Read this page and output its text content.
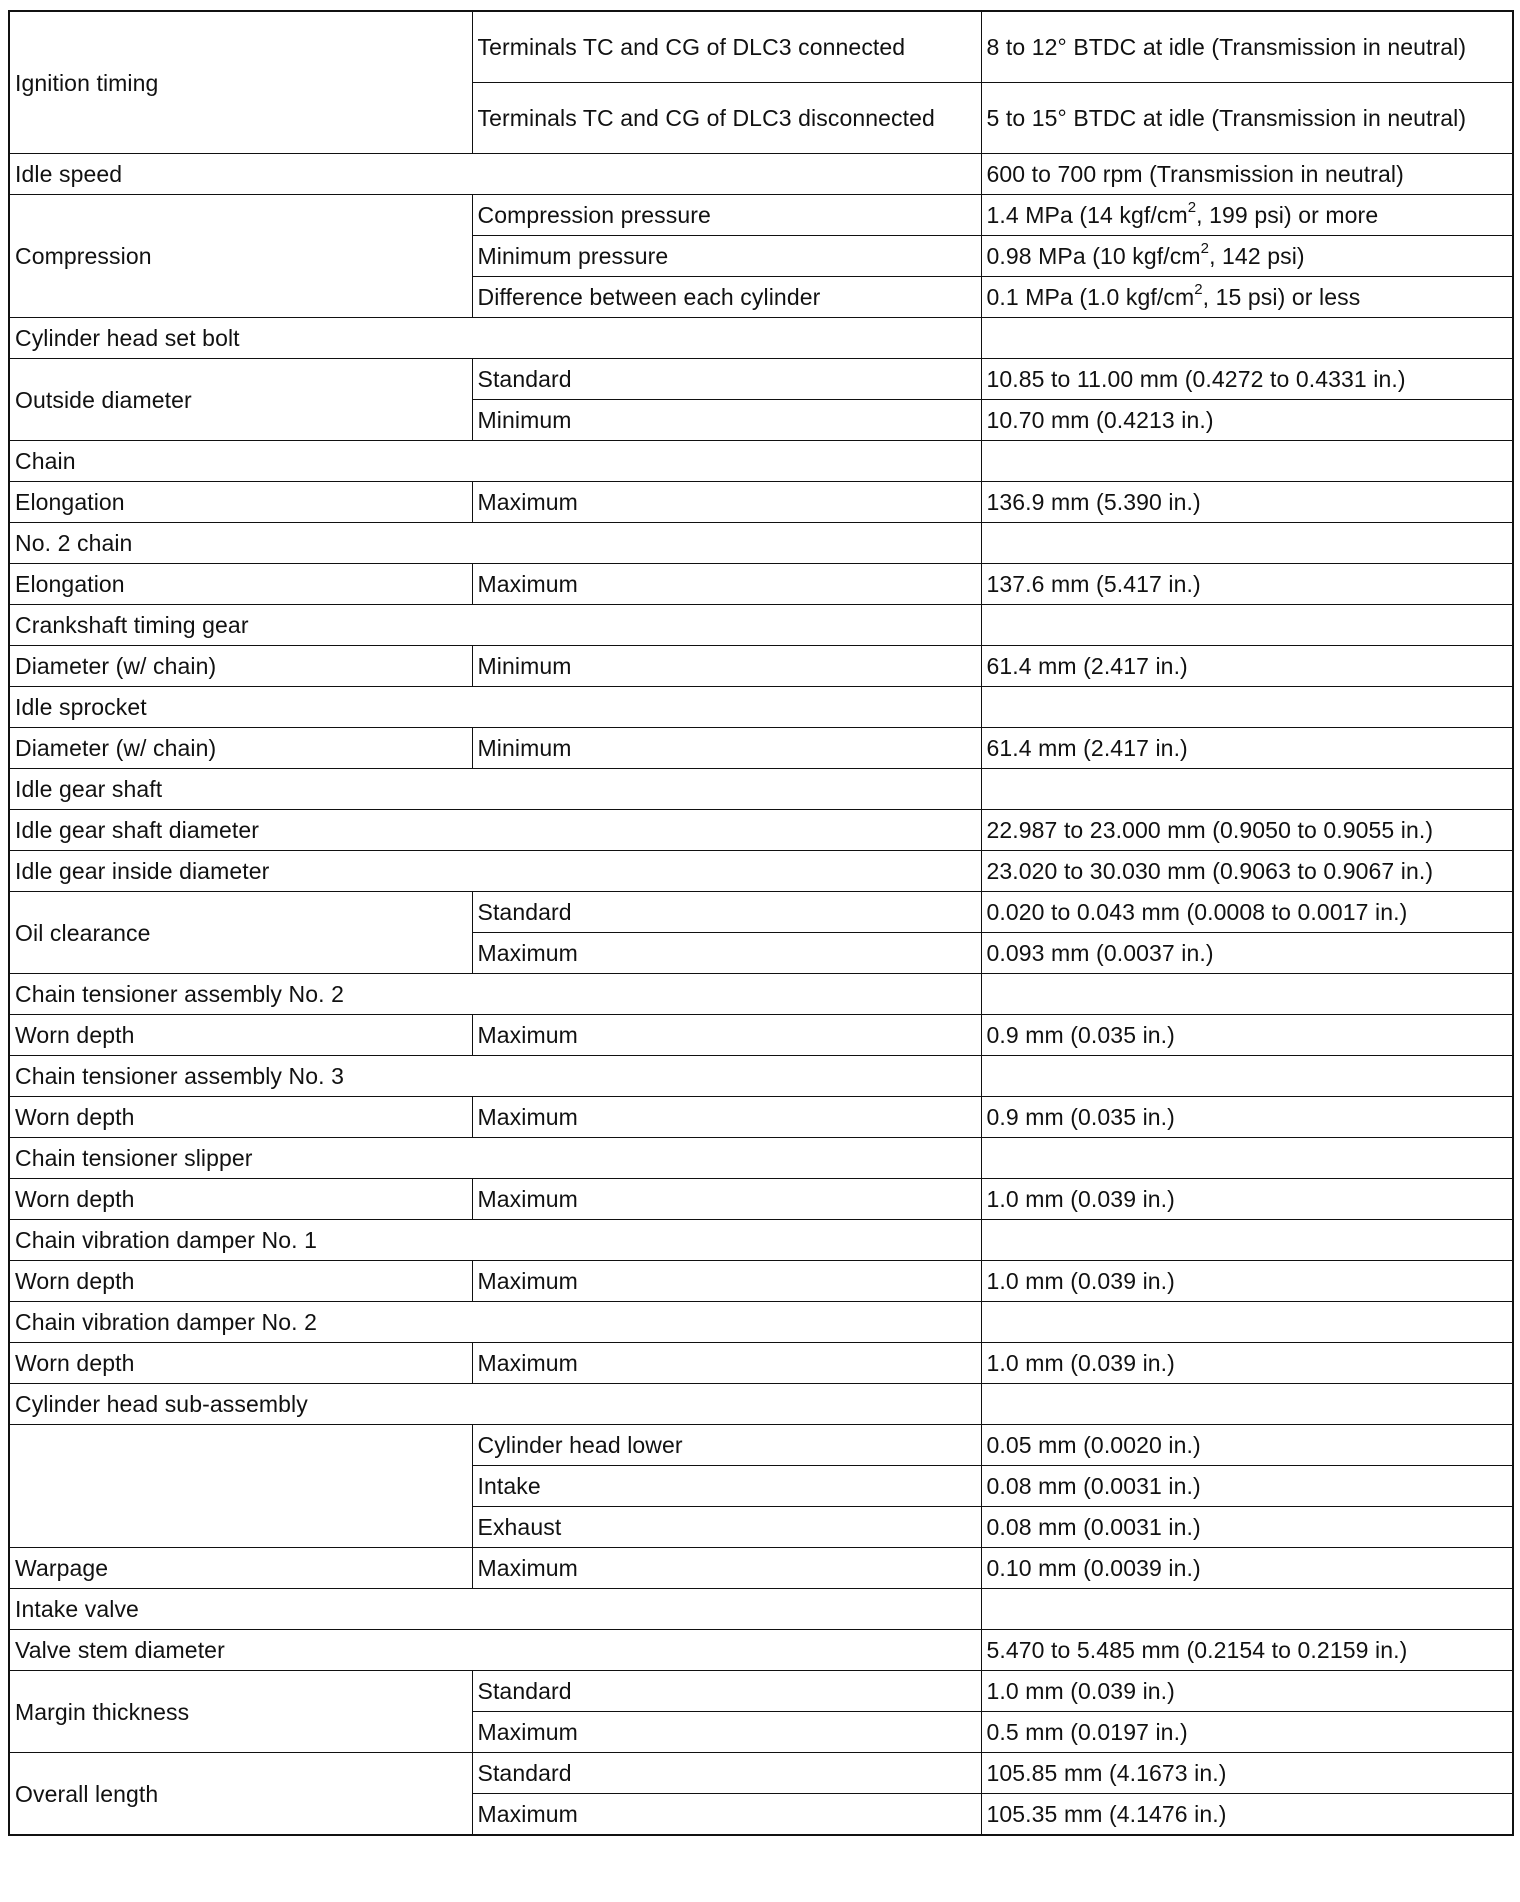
Ignition timing	Terminals TC and CG of DLC3 connected	8 to 12° BTDC at idle (Transmission in neutral)
	Terminals TC and CG of DLC3 disconnected	5 to 15° BTDC at idle (Transmission in neutral)
Idle speed		600 to 700 rpm (Transmission in neutral)
Compression	Compression pressure	1.4 MPa (14 kgf/$cm^2$, 199 psi) or more
	Minimum pressure	0.98 MPa (10 kgf/$cm^2$, 142 psi)
	Difference between each cylinder	0.1 MPa (1.0 kgf/$cm^2$, 15 psi) or less
Cylinder head set bolt		
Outside diameter	Standard	10.85 to 11.00 mm (0.4272 to 0.4331 in.)
	Minimum	10.70 mm (0.4213 in.)
Chain		
Elongation	Maximum	136.9 mm (5.390 in.)
No. 2 chain		
Elongation	Maximum	137.6 mm (5.417 in.)
Crankshaft timing gear		
Diameter (w/ chain)	Minimum	61.4 mm (2.417 in.)
Idle sprocket		
Diameter (w/ chain)	Minimum	61.4 mm (2.417 in.)
Idle gear shaft		
Idle gear shaft diameter		22.987 to 23.000 mm (0.9050 to 0.9055 in.)
Idle gear inside diameter		23.020 to 30.030 mm (0.9063 to 0.9067 in.)
Oil clearance	Standard	0.020 to 0.043 mm (0.0008 to 0.0017 in.)
	Maximum	0.093 mm (0.0037 in.)
Chain tensioner assembly No. 2		
Worn depth	Maximum	0.9 mm (0.035 in.)
Chain tensioner assembly No. 3		
Worn depth	Maximum	0.9 mm (0.035 in.)
Chain tensioner slipper		
Worn depth	Maximum	1.0 mm (0.039 in.)
Chain vibration damper No. 1		
Worn depth	Maximum	1.0 mm (0.039 in.)
Chain vibration damper No. 2		
Worn depth	Maximum	1.0 mm (0.039 in.)
Cylinder head sub-assembly		
	Cylinder head lower	0.05 mm (0.0020 in.)
	Intake	0.08 mm (0.0031 in.)
	Exhaust	0.08 mm (0.0031 in.)
Warpage	Maximum	0.10 mm (0.0039 in.)
Intake valve		
Valve stem diameter		5.470 to 5.485 mm (0.2154 to 0.2159 in.)
Margin thickness	Standard	1.0 mm (0.039 in.)
	Maximum	0.5 mm (0.0197 in.)
Overall length	Standard	105.85 mm (4.1673 in.)
	Maximum	105.35 mm (4.1476 in.)
